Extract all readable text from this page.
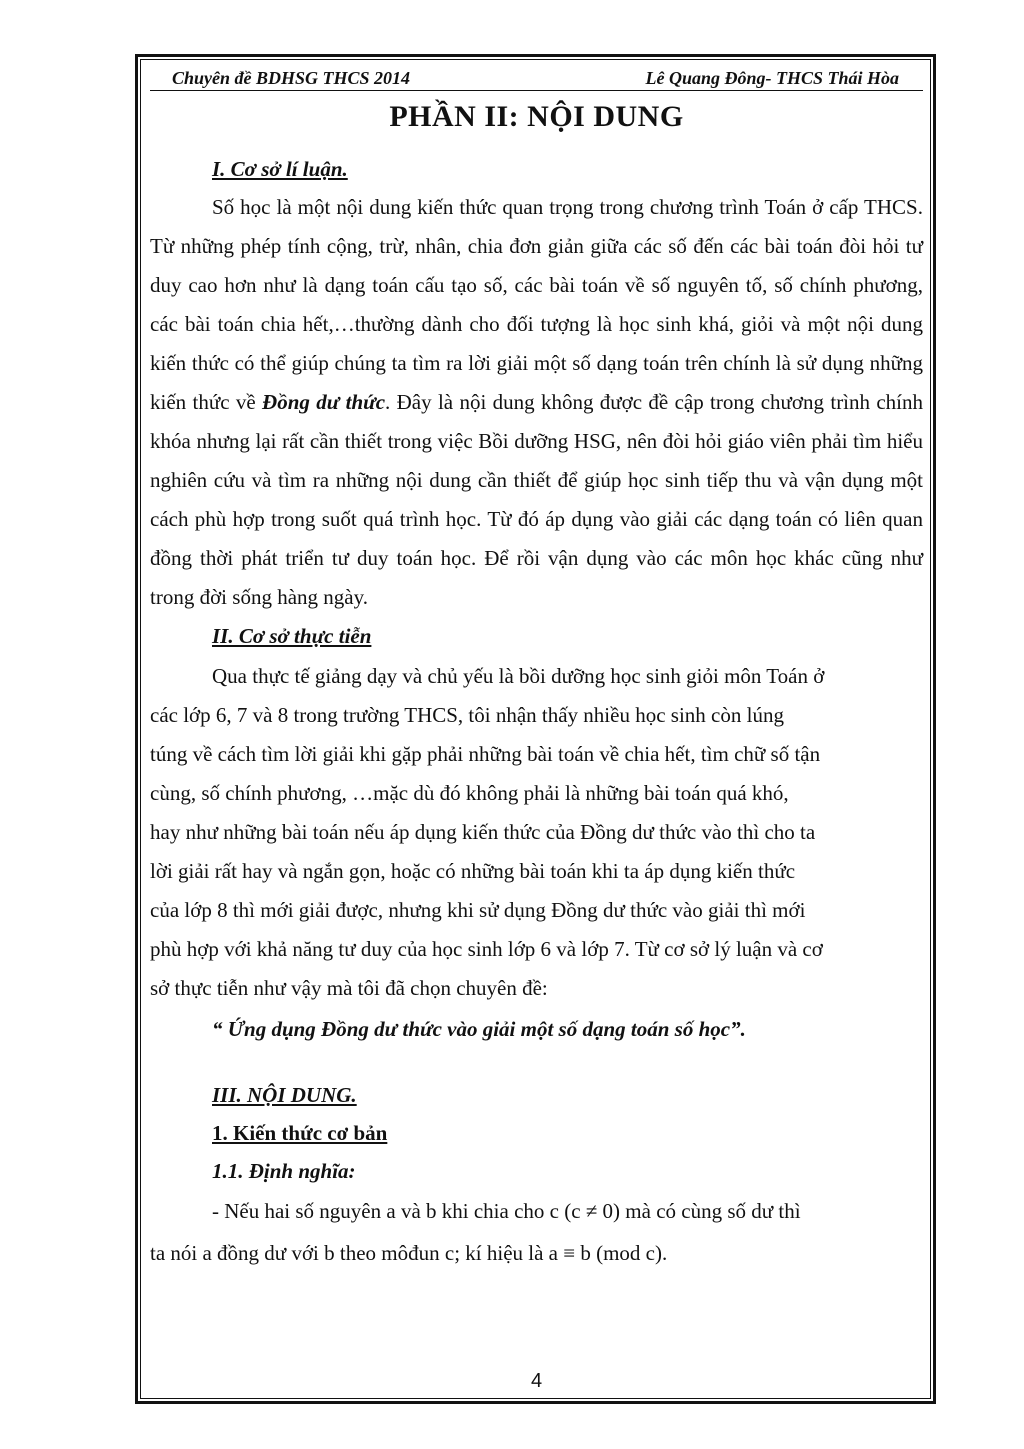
Chuyên đề BDHSG THCS 2014	Lê Quang Đông- THCS Thái Hòa
PHẦN II: NỘI DUNG

I. Cơ sở lí luận.

Số học là một nội dung kiến thức quan trọng trong chương trình Toán ở cấp THCS. Từ những phép tính cộng, trừ, nhân, chia đơn giản giữa các số đến các bài toán đòi hỏi tư duy cao hơn như là dạng toán cấu tạo số, các bài toán về số nguyên tố, số chính phương, các bài toán chia hết,…thường dành cho đối tượng là học sinh khá, giỏi và một nội dung kiến thức có thể giúp chúng ta tìm ra lời giải một số dạng toán trên chính là sử dụng những kiến thức về Đồng dư thức. Đây là nội dung không được đề cập trong chương trình chính khóa nhưng lại rất cần thiết trong việc Bồi dưỡng HSG, nên đòi hỏi giáo viên phải tìm hiểu nghiên cứu và tìm ra những nội dung cần thiết để giúp học sinh tiếp thu và vận dụng một cách phù hợp trong suốt quá trình học. Từ đó áp dụng vào giải các dạng toán có liên quan đồng thời phát triển tư duy toán học. Để rồi vận dụng vào các môn học khác cũng như trong đời sống hàng ngày.

II. Cơ sở thực tiễn

Qua thực tế giảng dạy và chủ yếu là bồi dưỡng học sinh giỏi môn Toán ở
các lớp 6, 7 và 8 trong trường THCS, tôi nhận thấy nhiều học sinh còn lúng
túng về cách tìm lời giải khi gặp phải những bài toán về chia hết, tìm chữ số tận
cùng, số chính phương, …mặc dù đó không phải là những bài toán quá khó,
hay như những bài toán nếu áp dụng kiến thức của Đồng dư thức vào thì cho ta
lời giải rất hay và ngắn gọn, hoặc có những bài toán khi ta áp dụng kiến thức
của lớp 8 thì mới giải được, nhưng khi sử dụng Đồng dư thức vào giải thì mới
phù hợp với khả năng tư duy của học sinh lớp 6 và lớp 7. Từ cơ sở lý luận và cơ
sở thực tiễn như vậy mà tôi đã chọn chuyên đề:

“ Ứng dụng Đồng dư thức vào giải một số dạng toán số học”.

III. NỘI DUNG.

1. Kiến thức cơ bản

1.1. Định nghĩa:

- Nếu hai số nguyên a và b khi chia cho c (c ≠ 0) mà có cùng số dư thì
ta nói a đồng dư với b theo môđun c; kí hiệu là a ≡ b (mod c).
4
